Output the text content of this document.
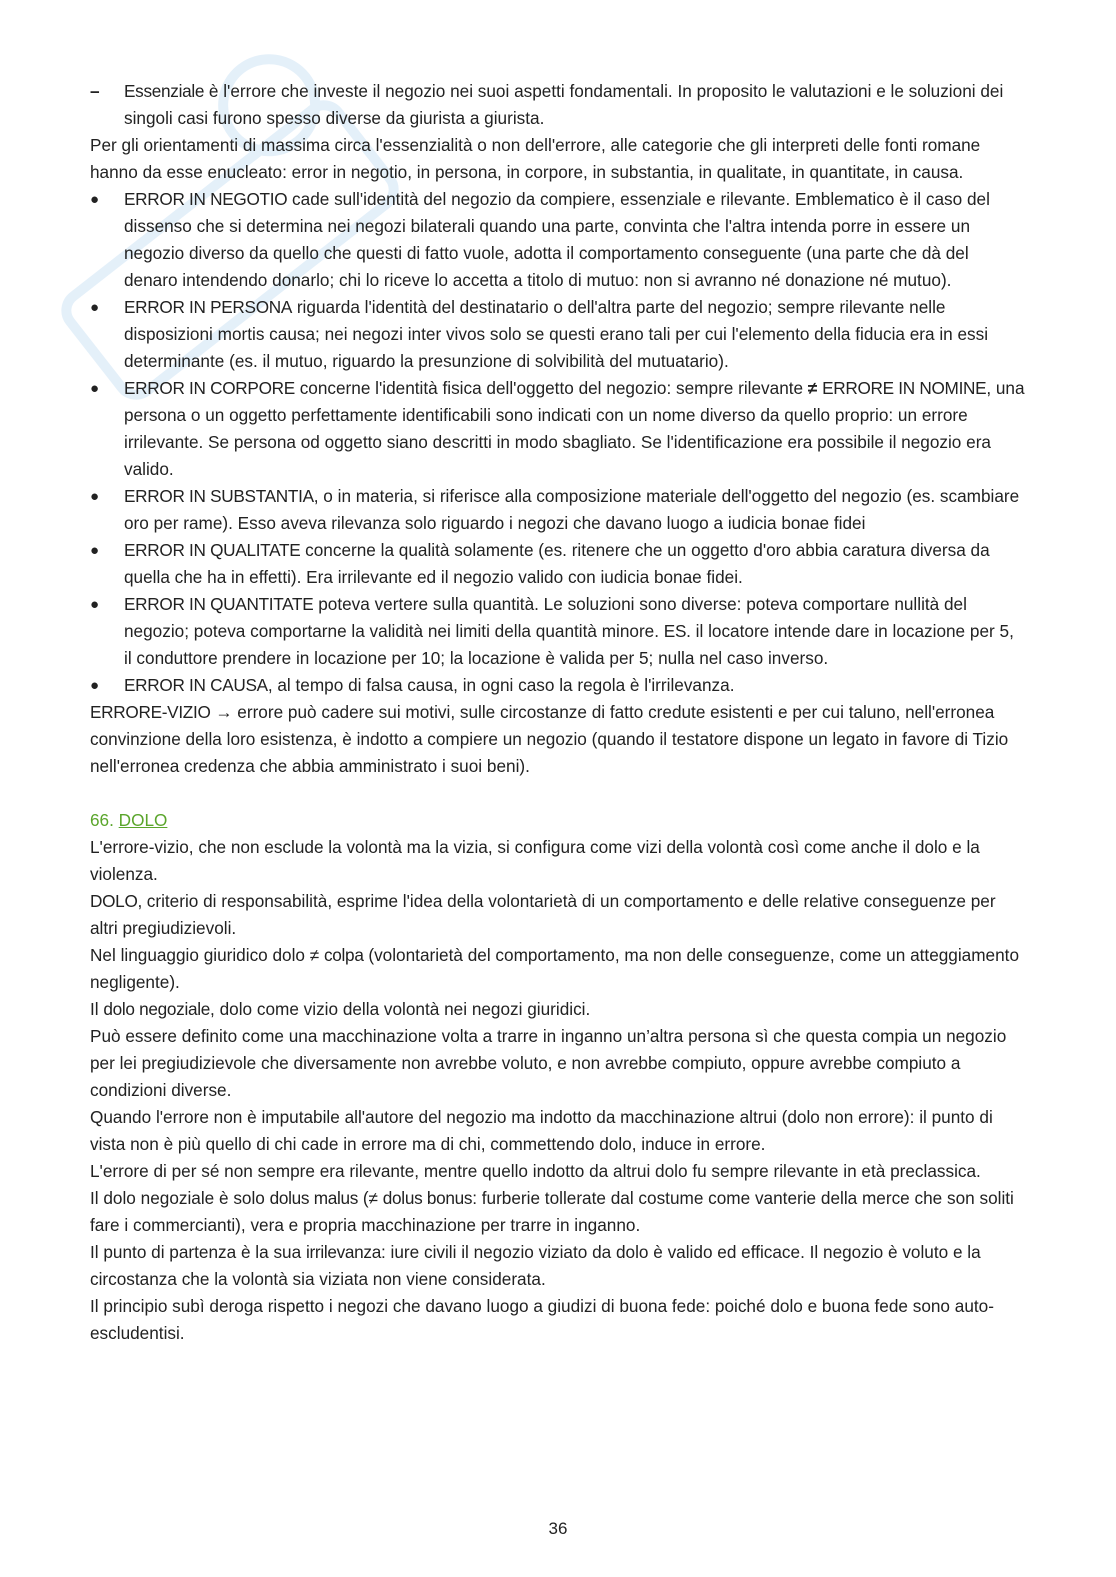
–	Essenziale è l'errore che investe il negozio nei suoi aspetti fondamentali. In proposito le valutazioni e le soluzioni dei singoli casi furono spesso diverse da giurista a giurista.

Per gli orientamenti di massima circa l'essenzialità o non dell'errore, alle categorie che gli interpreti delle fonti romane hanno da esse enucleato: error in negotio, in persona, in corpore, in substantia, in qualitate, in quantitate, in causa.

●	ERROR IN NEGOTIO cade sull'identità del negozio da compiere, essenziale e rilevante. Emblematico è il caso del dissenso che si determina nei negozi bilaterali quando una parte, convinta che l'altra intenda porre in essere un negozio diverso da quello che questi di fatto vuole, adotta il comportamento conseguente (una parte che dà del denaro intendendo donarlo; chi lo riceve lo accetta a titolo di mutuo: non si avranno né donazione né mutuo).

●	ERROR IN PERSONA riguarda l'identità del destinatario o dell'altra parte del negozio; sempre rilevante nelle disposizioni mortis causa; nei negozi inter vivos solo se questi erano tali per cui l'elemento della fiducia era in essi determinante (es. il mutuo, riguardo la presunzione di solvibilità del mutuatario).

●	ERROR IN CORPORE concerne l'identità fisica dell'oggetto del negozio: sempre rilevante ≠ ERRORE IN NOMINE, una persona o un oggetto perfettamente identificabili sono indicati con un nome diverso da quello proprio: un errore irrilevante. Se persona od oggetto siano descritti in modo sbagliato. Se l'identificazione era possibile il negozio era valido.

●	ERROR IN SUBSTANTIA, o in materia, si riferisce alla composizione materiale dell'oggetto del negozio (es. scambiare oro per rame). Esso aveva rilevanza solo riguardo i negozi che davano luogo a iudicia bonae fidei

●	ERROR IN QUALITATE concerne la qualità solamente (es. ritenere che un oggetto d'oro abbia caratura diversa da quella che ha in effetti). Era irrilevante ed il negozio valido con iudicia bonae fidei.

●	ERROR IN QUANTITATE poteva vertere sulla quantità. Le soluzioni sono diverse: poteva comportare nullità del negozio; poteva comportarne la validità nei limiti della quantità minore. ES. il locatore intende dare in locazione per 5, il conduttore prendere in locazione per 10; la locazione è valida per 5; nulla nel caso inverso.

●	ERROR IN CAUSA, al tempo di falsa causa, in ogni caso la regola è l'irrilevanza.

ERRORE-VIZIO → errore può cadere sui motivi, sulle circostanze di fatto credute esistenti e per cui taluno, nell'erronea convinzione della loro esistenza, è indotto a compiere un negozio (quando il testatore dispone un legato in favore di Tizio nell'erronea credenza che abbia amministrato i suoi beni).

66. DOLO

L'errore-vizio, che non esclude la volontà ma la vizia, si configura come vizi della volontà così come anche il dolo e la violenza.

DOLO, criterio di responsabilità, esprime l'idea della volontarietà di un comportamento e delle relative conseguenze per altri pregiudizievoli.

Nel linguaggio giuridico dolo ≠ colpa (volontarietà del comportamento, ma non delle conseguenze, come un atteggiamento negligente).

Il dolo negoziale, dolo come vizio della volontà nei negozi giuridici.

Può essere definito come una macchinazione volta a trarre in inganno un’altra persona sì che questa compia un negozio per lei pregiudizievole che diversamente non avrebbe voluto, e non avrebbe compiuto, oppure avrebbe compiuto a condizioni diverse.

Quando l'errore non è imputabile all'autore del negozio ma indotto da macchinazione altrui (dolo non errore): il punto di vista non è più quello di chi cade in errore ma di chi, commettendo dolo, induce in errore.

L'errore di per sé non sempre era rilevante, mentre quello indotto da altrui dolo fu sempre rilevante in età preclassica.

Il dolo negoziale è solo dolus malus (≠ dolus bonus: furberie tollerate dal costume come vanterie della merce che son soliti fare i commercianti), vera e propria macchinazione per trarre in inganno.

Il punto di partenza è la sua irrilevanza: iure civili il negozio viziato da dolo è valido ed efficace. Il negozio è voluto e la circostanza che la volontà sia viziata non viene considerata.

Il principio subì deroga rispetto i negozi che davano luogo a giudizi di buona fede: poiché dolo e buona fede sono auto-escludentisi.

36
